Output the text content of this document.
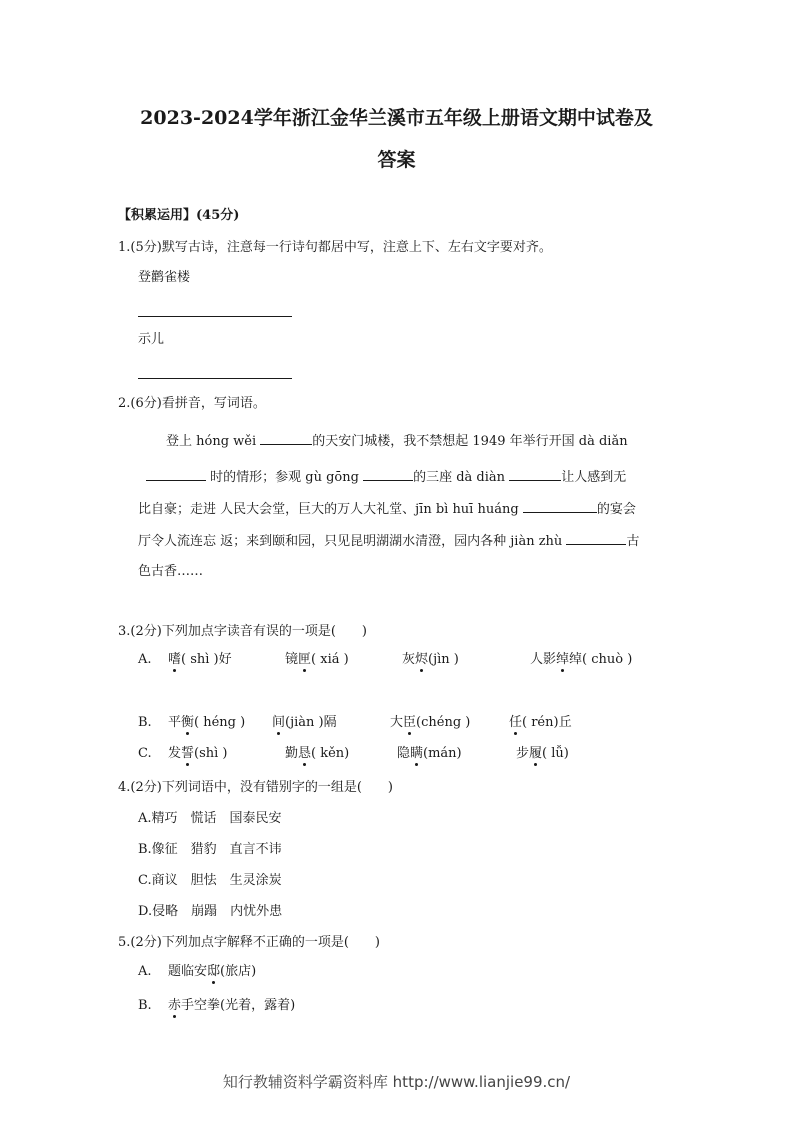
2023-2024学年浙江金华兰溪市五年级上册语文期中试卷及
答案
【积累运用】(45分)
1.(5分)默写古诗，注意每一行诗句都居中写，注意上下、左右文字要对齐。
登鹳雀楼
示儿
2.(6分)看拼音，写词语。
登上 hóng wěi	的天安门城楼，我不禁想起 1949 年举行开国 dà diǎn
时的情形；参观 gù gōng	的三座 dà diàn	让人感到无
比自豪；走进 人民大会堂，巨大的万人大礼堂、jīn bì huī huáng	的宴会
厅令人流连忘 返；来到颐和园，只见昆明湖湖水清澄，园内各种 jiàn zhù	古
色古香……
3.(2分)下列加点字读音有误的一项是(　　)
A. 嗜( shì )好	镜匣( xiá )	灰烬(jìn )	人影绰绰( chuò )
B. 平衡( héng ) 间(jiàn )隔	大臣(chéng )	任( rén)丘
C. 发誓(shì )	勤恳( kěn)	隐瞒(mán)	步履( lǚ)
4.(2分)下列词语中，没有错别字的一组是(　　)
A.精巧　慌话　国泰民安
B.像征　猎豹　直言不讳
C.商议　胆怯　生灵涂炭
D.侵略　崩蹋　内忧外患
5.(2分)下列加点字解释不正确的一项是(　　)
A. 题临安邸(旅店)
B. 赤手空拳(光着，露着)
知行教辅资料学霸资料库 http://www.lianjie99.cn/
